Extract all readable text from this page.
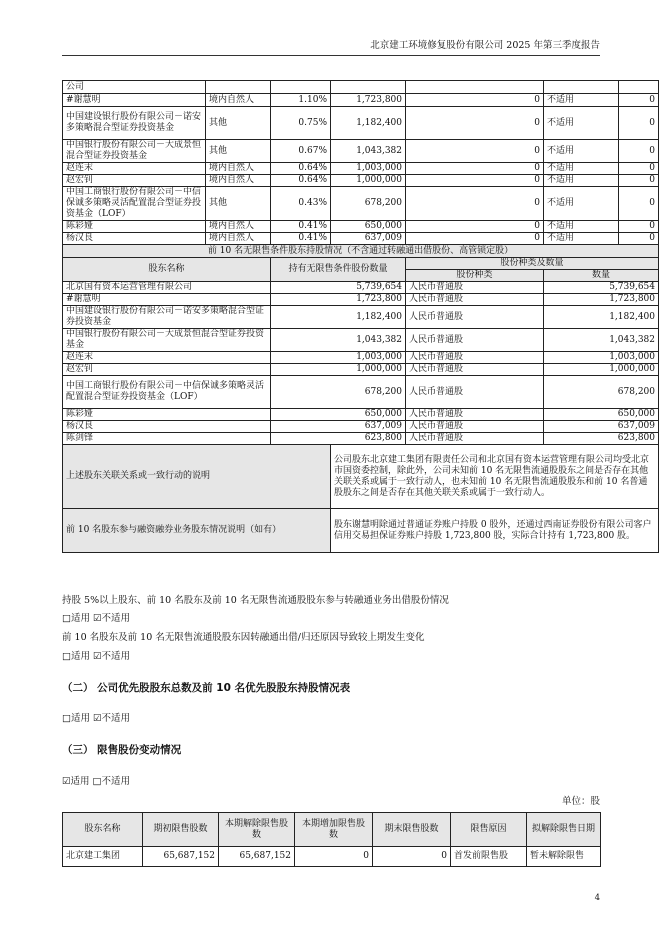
北京建工环境修复股份有限公司 2025 年第三季度报告
公司						
#谢慧明	境内自然人	1.10%	1,723,800	0	不适用	0
中国建设银行股份有限公司－诺安多策略混合型证券投资基金	其他	0.75%	1,182,400	0	不适用	0
中国银行股份有限公司－大成景恒混合型证券投资基金	其他	0.67%	1,043,382	0	不适用	0
赵连末	境内自然人	0.64%	1,003,000	0	不适用	0
赵宏钊	境内自然人	0.64%	1,000,000	0	不适用	0
中国工商银行股份有限公司－中信保诚多策略灵活配置混合型证券投资基金（LOF）	其他	0.43%	678,200	0	不适用	0
陈彩娅	境内自然人	0.41%	650,000	0	不适用	0
杨汉良	境内自然人	0.41%	637,009	0	不适用	0
前 10 名无限售条件股东持股情况（不含通过转融通出借股份、高管锁定股）						
股东名称		持有无限售条件股份数量		股份种类及数量		
				股份种类	数量	
北京国有资本运营管理有限公司		5,739,654		人民币普通股	5,739,654	
#谢慧明		1,723,800		人民币普通股	1,723,800	
中国建设银行股份有限公司－诺安多策略混合型证券投资基金		1,182,400		人民币普通股	1,182,400	
中国银行股份有限公司－大成景恒混合型证券投资基金		1,043,382		人民币普通股	1,043,382	
赵连末		1,003,000		人民币普通股	1,003,000	
赵宏钊		1,000,000		人民币普通股	1,000,000	
中国工商银行股份有限公司－中信保诚多策略灵活配置混合型证券投资基金（LOF）		678,200		人民币普通股	678,200	
陈彩娅		650,000		人民币普通股	650,000	
杨汉良		637,009		人民币普通股	637,009	
陈剑锋		623,800		人民币普通股	623,800	
上述股东关联关系或一致行动的说明			公司股东北京建工集团有限责任公司和北京国有资本运营管理有限公司均受北京市国资委控制，除此外，公司未知前 10 名无限售流通股股东之间是否存在其他关联关系或属于一致行动人，也未知前 10 名无限售流通股股东和前 10 名普通股股东之间是否存在其他关联关系或属于一致行动人。			
前 10 名股东参与融资融券业务股东情况说明（如有）			股东谢慧明除通过普通证券账户持股 0 股外，还通过西南证券股份有限公司客户信用交易担保证券账户持股 1,723,800 股，实际合计持有 1,723,800 股。			
持股 5%以上股东、前 10 名股东及前 10 名无限售流通股股东参与转融通业务出借股份情况
□适用 ☑不适用
前 10 名股东及前 10 名无限售流通股股东因转融通出借/归还原因导致较上期发生变化
□适用 ☑不适用
（二） 公司优先股股东总数及前 10 名优先股股东持股情况表
□适用 ☑不适用
（三） 限售股份变动情况
☑适用 □不适用
单位：股
股东名称	期初限售股数	本期解除限售股数	本期增加限售股数	期末限售股数	限售原因	拟解除限售日期
北京建工集团	65,687,152	65,687,152	0	0	首发前限售股	暂未解除限售
4
